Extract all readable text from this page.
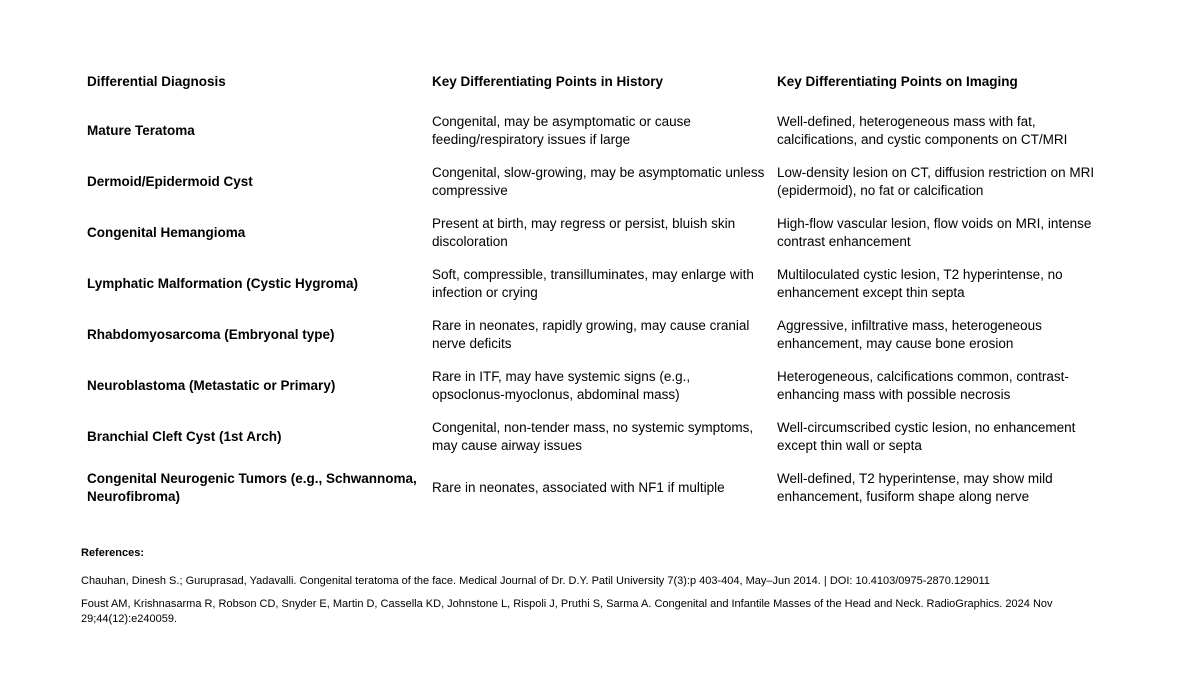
Differential Diagnosis	Key Differentiating Points in History	Key Differentiating Points on Imaging
Mature Teratoma
Congenital, may be asymptomatic or cause feeding/respiratory issues if large
Well-defined, heterogeneous mass with fat, calcifications, and cystic components on CT/MRI
Dermoid/Epidermoid Cyst
Congenital, slow-growing, may be asymptomatic unless compressive
Low-density lesion on CT, diffusion restriction on MRI (epidermoid), no fat or calcification
Congenital Hemangioma
Present at birth, may regress or persist, bluish skin discoloration
High-flow vascular lesion, flow voids on MRI, intense contrast enhancement
Lymphatic Malformation (Cystic Hygroma)
Soft, compressible, transilluminates, may enlarge with infection or crying
Multiloculated cystic lesion, T2 hyperintense, no enhancement except thin septa
Rhabdomyosarcoma (Embryonal type)
Rare in neonates, rapidly growing, may cause cranial nerve deficits
Aggressive, infiltrative mass, heterogeneous enhancement, may cause bone erosion
Neuroblastoma (Metastatic or Primary)
Rare in ITF, may have systemic signs (e.g., opsoclonus-myoclonus, abdominal mass)
Heterogeneous, calcifications common, contrast-enhancing mass with possible necrosis
Branchial Cleft Cyst (1st Arch)
Congenital, non-tender mass, no systemic symptoms, may cause airway issues
Well-circumscribed cystic lesion, no enhancement except thin wall or septa
Congenital Neurogenic Tumors (e.g., Schwannoma, Neurofibroma)
Rare in neonates, associated with NF1 if multiple
Well-defined, T2 hyperintense, may show mild enhancement, fusiform shape along nerve
References:
Chauhan, Dinesh S.; Guruprasad, Yadavalli. Congenital teratoma of the face. Medical Journal of Dr. D.Y. Patil University 7(3):p 403-404, May–Jun 2014. | DOI: 10.4103/0975-2870.129011
Foust AM, Krishnasarma R, Robson CD, Snyder E, Martin D, Cassella KD, Johnstone L, Rispoli J, Pruthi S, Sarma A. Congenital and Infantile Masses of the Head and Neck. RadioGraphics. 2024 Nov 29;44(12):e240059.
